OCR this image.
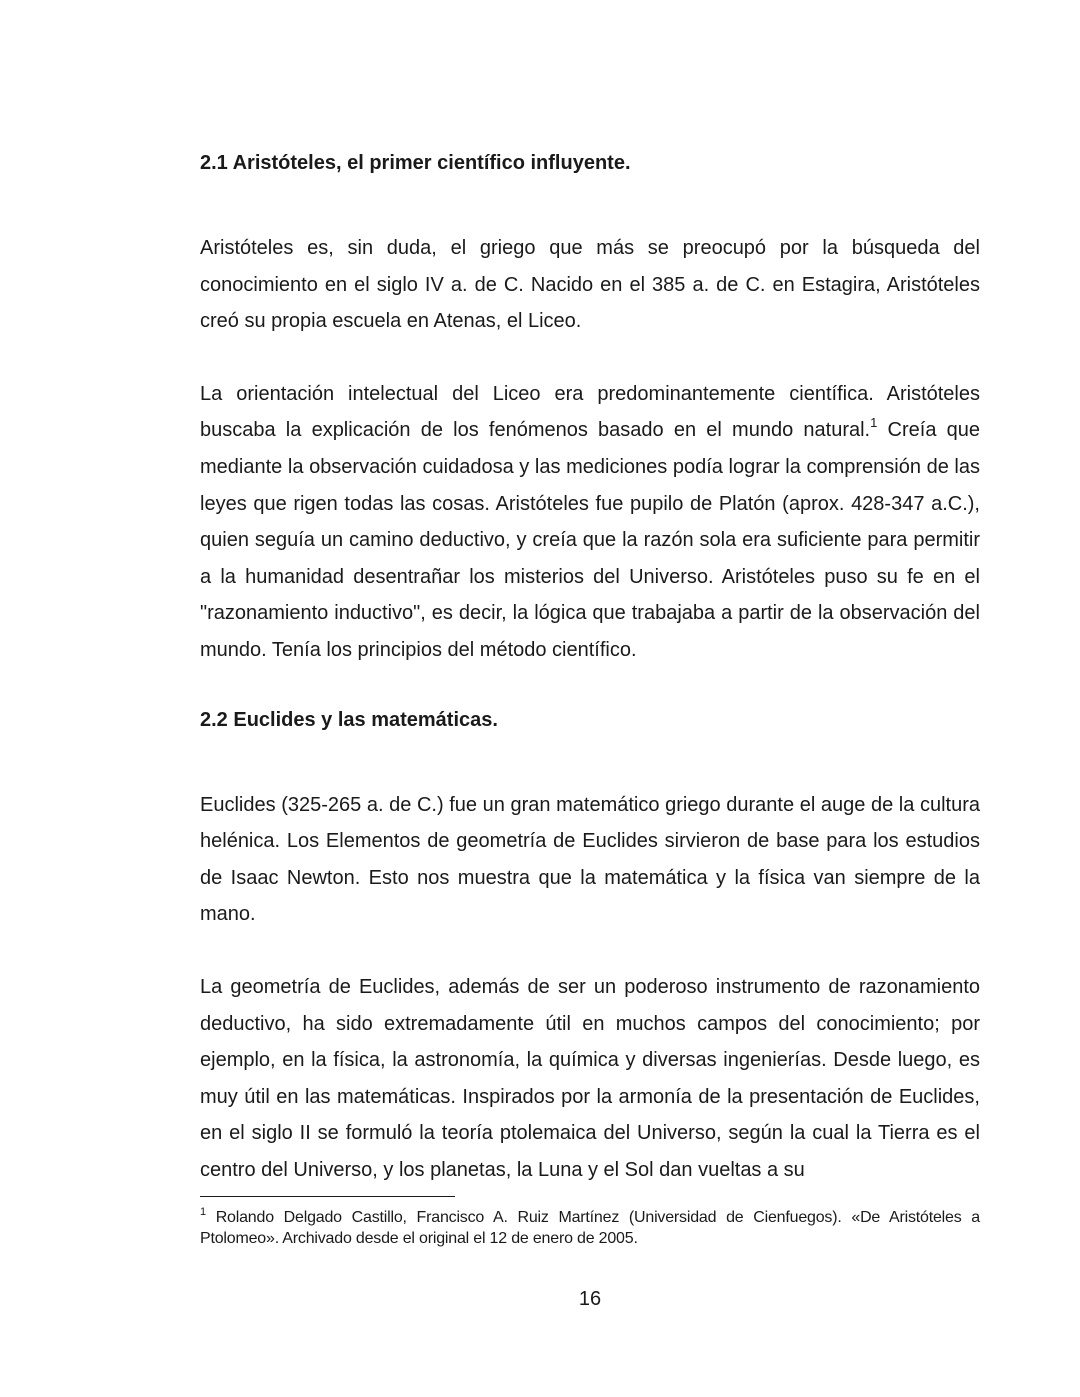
2.1 Aristóteles, el primer científico influyente.

Aristóteles es, sin duda, el griego que más se preocupó por la búsqueda del conocimiento en el siglo IV a. de C. Nacido en el 385 a. de C. en Estagira, Aristóteles creó su propia escuela en Atenas, el Liceo.

La orientación intelectual del Liceo era predominantemente científica. Aristóteles buscaba la explicación de los fenómenos basado en el mundo natural.$^1$ Creía que mediante la observación cuidadosa y las mediciones podía lograr la comprensión de las leyes que rigen todas las cosas. Aristóteles fue pupilo de Platón (aprox. 428-347 a.C.), quien seguía un camino deductivo, y creía que la razón sola era suficiente para permitir a la humanidad desentrañar los misterios del Universo. Aristóteles puso su fe en el "razonamiento inductivo", es decir, la lógica que trabajaba a partir de la observación del mundo. Tenía los principios del método científico.

2.2 Euclides y las matemáticas.

Euclides (325-265 a. de C.) fue un gran matemático griego durante el auge de la cultura helénica. Los Elementos de geometría de Euclides sirvieron de base para los estudios de Isaac Newton. Esto nos muestra que la matemática y la física van siempre de la mano.

La geometría de Euclides, además de ser un poderoso instrumento de razonamiento deductivo, ha sido extremadamente útil en muchos campos del conocimiento; por ejemplo, en la física, la astronomía, la química y diversas ingenierías. Desde luego, es muy útil en las matemáticas. Inspirados por la armonía de la presentación de Euclides, en el siglo II se formuló la teoría ptolemaica del Universo, según la cual la Tierra es el centro del Universo, y los planetas, la Luna y el Sol dan vueltas a su

$^1$ Rolando Delgado Castillo, Francisco A. Ruiz Martínez (Universidad de Cienfuegos). «De Aristóteles a Ptolomeo». Archivado desde el original el 12 de enero de 2005.
16
